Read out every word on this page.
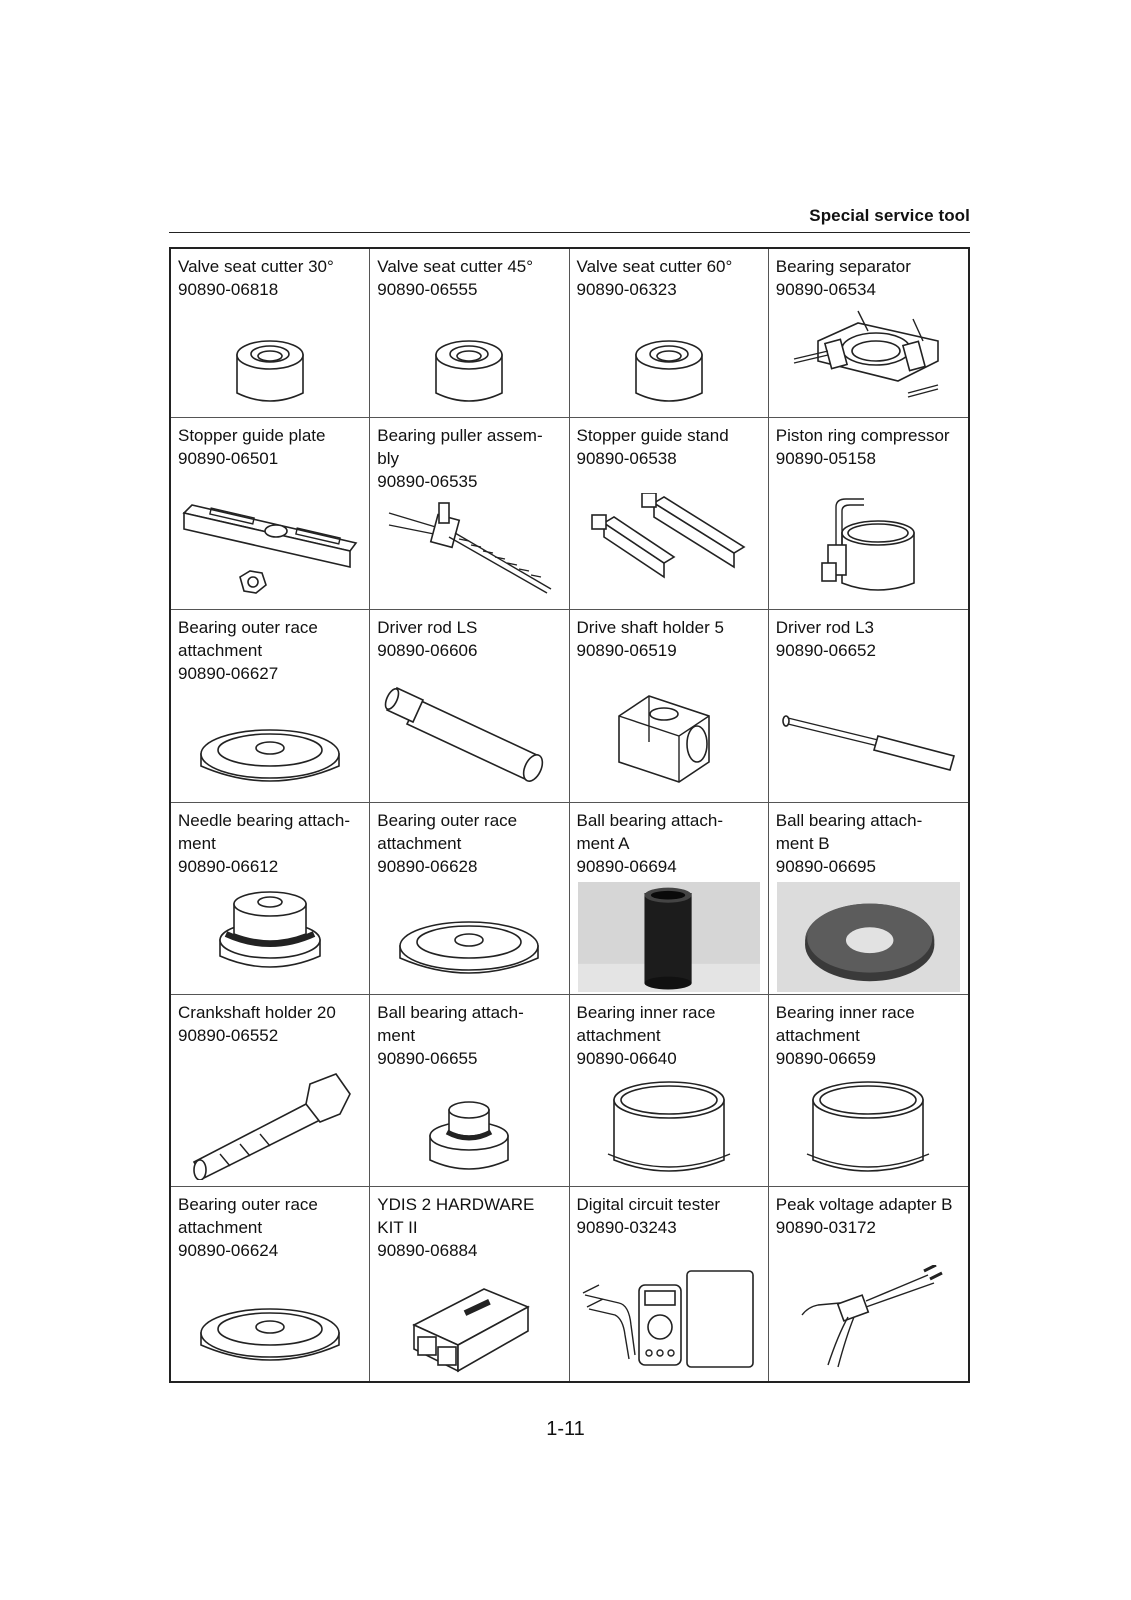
Special service tool

Valve seat cutter 30°

90890-06818

Valve seat cutter 45°

90890-06555

Valve seat cutter 60°

90890-06323

Bearing separator

90890-06534

Stopper guide plate

90890-06501

Bearing puller assem-

bly

90890-06535

Stopper guide stand

90890-06538

Piston ring compressor

90890-05158

Bearing outer race

attachment

90890-06627

Driver rod LS

90890-06606

Drive shaft holder 5

90890-06519

Driver rod L3

90890-06652

Needle bearing attach-

ment

90890-06612

Bearing outer race

attachment

90890-06628

Ball bearing attach-

ment A

90890-06694

Ball bearing attach-

ment B

90890-06695

Crankshaft holder 20

90890-06552

Ball bearing attach-

ment

90890-06655

Bearing inner race

attachment

90890-06640

Bearing inner race

attachment

90890-06659

Bearing outer race

attachment

90890-06624

YDIS 2 HARDWARE

KIT II

90890-06884

Digital circuit tester

90890-03243

Peak voltage adapter B

90890-03172

1-11
